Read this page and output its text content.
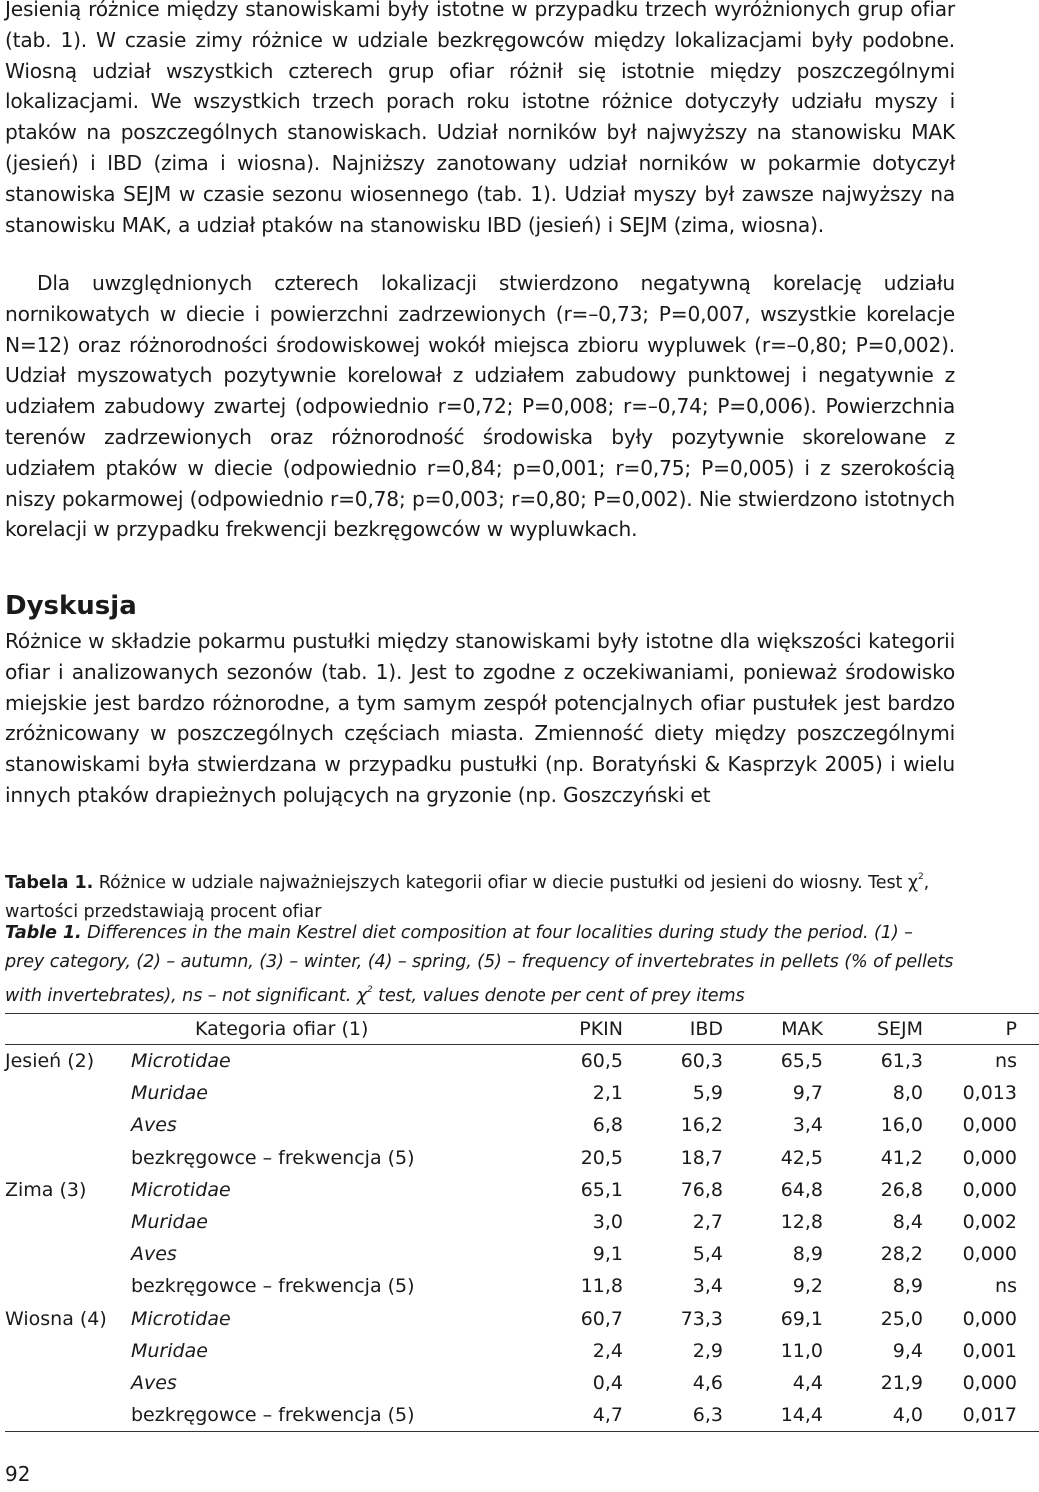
Jesienią różnice między stanowiskami były istotne w przypadku trzech wyróżnionych grup ofiar (tab. 1). W czasie zimy różnice w udziale bezkręgowców między lokalizacjami były podobne. Wiosną udział wszystkich czterech grup ofiar różnił się istotnie między poszczególnymi lokalizacjami. We wszystkich trzech porach roku istotne różnice dotyczyły udziału myszy i ptaków na poszczególnych stanowiskach. Udział norników był najwyższy na stanowisku MAK (jesień) i IBD (zima i wiosna). Najniższy zanotowany udział norników w pokarmie dotyczył stanowiska SEJM w czasie sezonu wiosennego (tab. 1). Udział myszy był zawsze najwyższy na stanowisku MAK, a udział ptaków na stanowisku IBD (jesień) i SEJM (zima, wiosna).

Dla uwzględnionych czterech lokalizacji stwierdzono negatywną korelację udziału nornikowatych w diecie i powierzchni zadrzewionych (r=–0,73; P=0,007, wszystkie korelacje N=12) oraz różnorodności środowiskowej wokół miejsca zbioru wypluwek (r=–0,80; P=0,002). Udział myszowatych pozytywnie korelował z udziałem zabudowy punktowej i negatywnie z udziałem zabudowy zwartej (odpowiednio r=0,72; P=0,008; r=–0,74; P=0,006). Powierzchnia terenów zadrzewionych oraz różnorodność środowiska były pozytywnie skorelowane z udziałem ptaków w diecie (odpowiednio r=0,84; p=0,001; r=0,75; P=0,005) i z szerokością niszy pokarmowej (odpowiednio r=0,78; p=0,003; r=0,80; P=0,002). Nie stwierdzono istotnych korelacji w przypadku frekwencji bezkręgowców w wypluwkach.

Dyskusja

Różnice w składzie pokarmu pustułki między stanowiskami były istotne dla większości kategorii ofiar i analizowanych sezonów (tab. 1). Jest to zgodne z oczekiwaniami, ponieważ środowisko miejskie jest bardzo różnorodne, a tym samym zespół potencjalnych ofiar pustułek jest bardzo zróżnicowany w poszczególnych częściach miasta. Zmienność diety między poszczególnymi stanowiskami była stwierdzana w przypadku pustułki (np. Boratyński & Kasprzyk 2005) i wielu innych ptaków drapieżnych polujących na gryzonie (np. Goszczyński et

Tabela 1. Różnice w udziale najważniejszych kategorii ofiar w diecie pustułki od jesieni do wiosny. Test $\chi^2$, wartości przedstawiają procent ofiar

Table 1. Differences in the main Kestrel diet composition at four localities during study the period. (1) – prey category, (2) – autumn, (3) – winter, (4) – spring, (5) – frequency of invertebrates in pellets (% of pellets with invertebrates), ns – not significant. $\chi^2$ test, values denote per cent of prey items

	Kategoria ofiar (1)	PKIN	IBD	MAK	SEJM	P
Jesień (2)	Microtidae	60,5	60,3	65,5	61,3	ns
	Muridae	2,1	5,9	9,7	8,0	0,013
	Aves	6,8	16,2	3,4	16,0	0,000
	bezkręgowce – frekwencja (5)	20,5	18,7	42,5	41,2	0,000
Zima (3)	Microtidae	65,1	76,8	64,8	26,8	0,000
	Muridae	3,0	2,7	12,8	8,4	0,002
	Aves	9,1	5,4	8,9	28,2	0,000
	bezkręgowce – frekwencja (5)	11,8	3,4	9,2	8,9	ns
Wiosna (4)	Microtidae	60,7	73,3	69,1	25,0	0,000
	Muridae	2,4	2,9	11,0	9,4	0,001
	Aves	0,4	4,6	4,4	21,9	0,000
	bezkręgowce – frekwencja (5)	4,7	6,3	14,4	4,0	0,017

92
